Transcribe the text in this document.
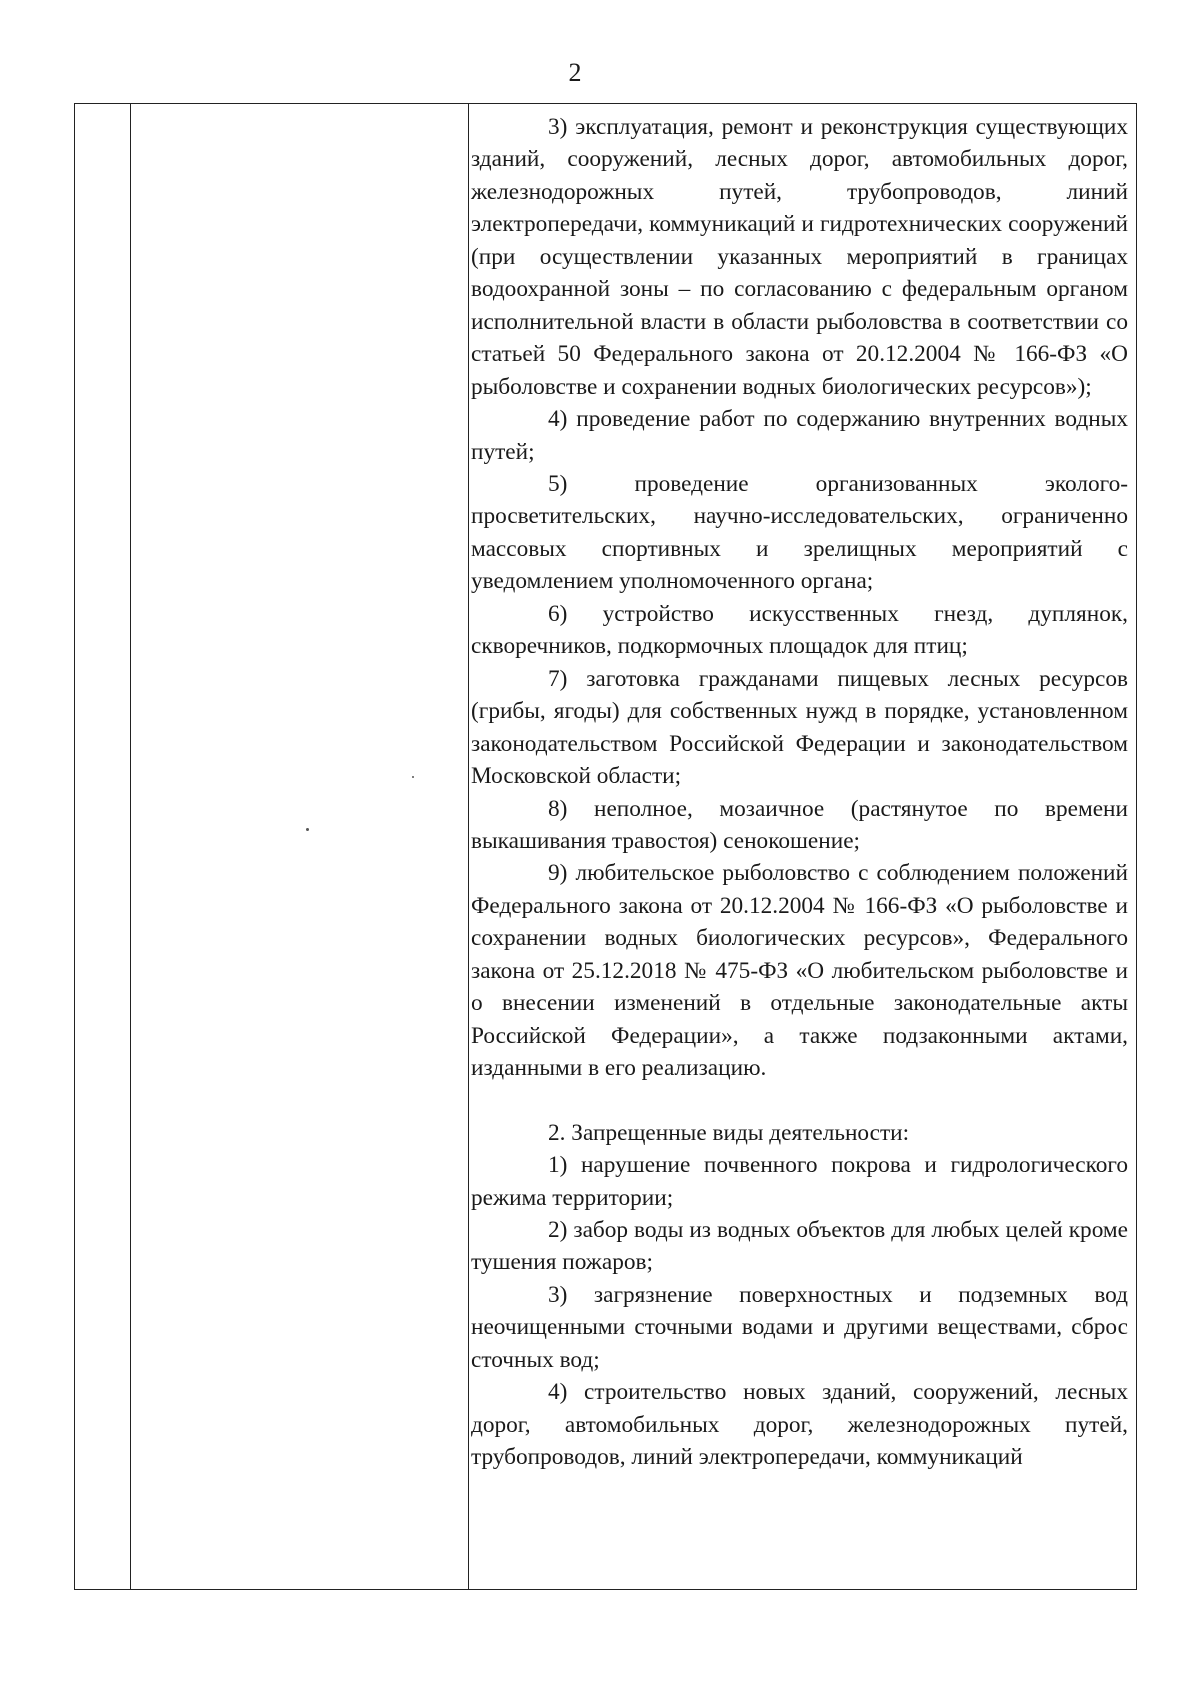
2

3) эксплуатация, ремонт и реконструкция существующих зданий, сооружений, лесных дорог, автомобильных дорог, железнодорожных путей, трубопроводов, линий электропередачи, коммуникаций и гидротехнических сооружений (при осуществлении указанных мероприятий в границах водоохранной зоны – по согласованию с федеральным органом исполнительной власти в области рыболовства в соответствии со статьей 50 Федерального закона от 20.12.2004 № 166-ФЗ «О рыболовстве и сохранении водных биологических ресурсов»);

4) проведение работ по содержанию внутренних водных путей;

5) проведение организованных эколого-просветительских, научно-исследовательских, ограниченно массовых спортивных и зрелищных мероприятий с уведомлением уполномоченного органа;

6) устройство искусственных гнезд, дуплянок, скворечников, подкормочных площадок для птиц;

7) заготовка гражданами пищевых лесных ресурсов (грибы, ягоды) для собственных нужд в порядке, установленном законодательством Российской Федерации и законодательством Московской области;

8) неполное, мозаичное (растянутое по времени выкашивания травостоя) сенокошение;

9) любительское рыболовство с соблюдением положений Федерального закона от 20.12.2004 № 166-ФЗ «О рыболовстве и сохранении водных биологических ресурсов», Федерального закона от 25.12.2018 № 475-ФЗ «О любительском рыболовстве и о внесении изменений в отдельные законодательные акты Российской Федерации», а также подзаконными актами, изданными в его реализацию.

2. Запрещенные виды деятельности:

1) нарушение почвенного покрова и гидрологического режима территории;

2) забор воды из водных объектов для любых целей кроме тушения пожаров;

3) загрязнение поверхностных и подземных вод неочищенными сточными водами и другими веществами, сброс сточных вод;

4) строительство новых зданий, сооружений, лесных дорог, автомобильных дорог, железнодорожных путей, трубопроводов, линий электропередачи, коммуникаций
